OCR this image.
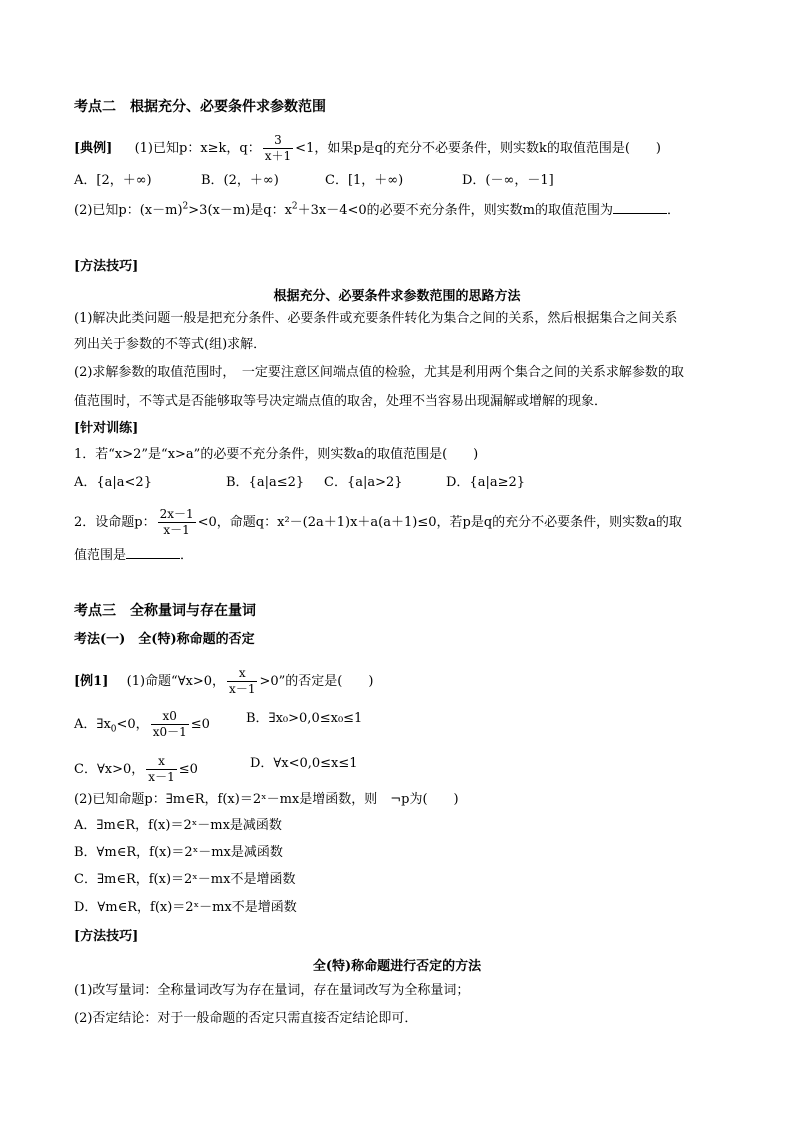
考点二　根据充分、必要条件求参数范围
[典例] (1)已知p：x≥k，q： $\frac{3}{x+1} <1$，如果p是q的充分不必要条件，则实数k的取值范围是(　　)
A．[2，＋∞)	B．(2，＋∞)	C．[1，＋∞)	D．(－∞，－1]
(2)已知p：$(x-m)^2>3(x-m)$是q：$x^2+3x-4<0$的必要不充分条件，则实数m的取值范围为	．
[方法技巧]
根据充分、必要条件求参数范围的思路方法
(1)解决此类问题一般是把充分条件、必要条件或充要条件转化为集合之间的关系，然后根据集合之间关系
列出关于参数的不等式(组)求解．
(2)求解参数的取值范围时，　一定要注意区间端点值的检验，尤其是利用两个集合之间的关系求解参数的取
值范围时，不等式是否能够取等号决定端点值的取舍，处理不当容易出现漏解或增解的现象．
[针对训练]
1．若“x>2”是“x>a”的必要不充分条件，则实数a的取值范围是(　　)
A．{a|a<2}	B．{a|a≤2} C．{a|a>2}	D．{a|a≥2}
2．设命题p： $\frac{2x-1}{x-1} <0$，命题q：x²－(2a＋1)x＋a(a＋1)≤0，若p是q的充分不必要条件，则实数a的取
值范围是	．
考点三　全称量词与存在量词
考法(一)　全(特)称命题的否定
[例1] (1)命题“∀x>0， $\frac{x}{x-1} >0$”的否定是(　　)
A．$\exists x_0<0$， $\frac{x0}{x0-1} \le 0$	B．∃x₀>0,0≤x₀≤1
C．∀x>0， $\frac{x}{x-1} \le 0$	D．∀x<0,0≤x≤1
(2)已知命题p：∃m∈R，f(x)＝2ˣ－mx是增函数，则　¬p为(　　)
A．∃m∈R，f(x)＝2ˣ－mx是减函数
B．∀m∈R，f(x)＝2ˣ－mx是减函数
C．∃m∈R，f(x)＝2ˣ－mx不是增函数
D．∀m∈R，f(x)＝2ˣ－mx不是增函数
[方法技巧]
全(特)称命题进行否定的方法
(1)改写量词：全称量词改写为存在量词，存在量词改写为全称量词；
(2)否定结论：对于一般命题的否定只需直接否定结论即可．
